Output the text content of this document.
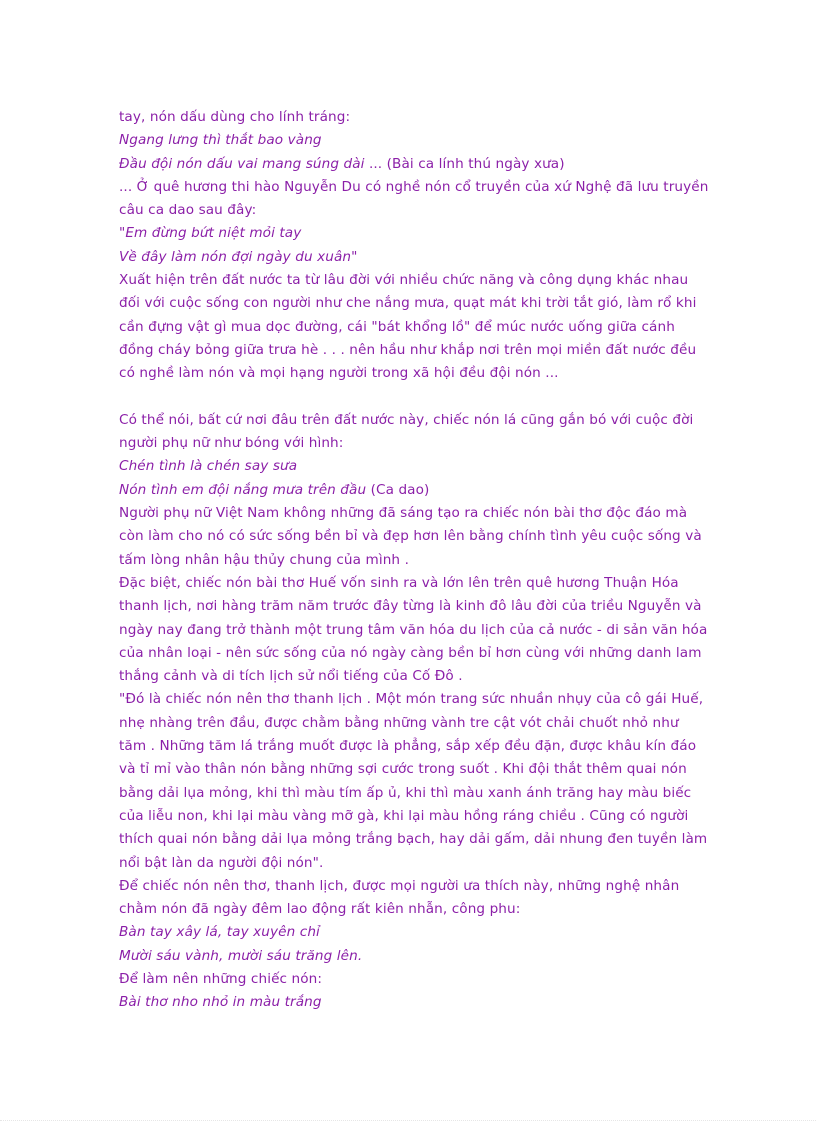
tay, nón dấu dùng cho lính tráng:
Ngang lưng thì thắt bao vàng
Đầu đội nón dấu vai mang súng dài ... (Bài ca lính thú ngày xưa)
... Ở quê hương thi hào Nguyễn Du có nghề nón cổ truyền của xứ Nghệ đã lưu truyền
câu ca dao sau đây:
"Em đừng bứt niệt mỏi tay
Về đây làm nón đợi ngày du xuân"
Xuất hiện trên đất nước ta từ lâu đời với nhiều chức năng và công dụng khác nhau
đối với cuộc sống con người như che nắng mưa, quạt mát khi trời tắt gió, làm rổ khi
cần đựng vật gì mua dọc đường, cái "bát khổng lồ" để múc nước uống giữa cánh
đồng cháy bỏng giữa trưa hè . . . nên hầu như khắp nơi trên mọi miền đất nước đều
có nghề làm nón và mọi hạng người trong xã hội đều đội nón ...
Có thể nói, bất cứ nơi đâu trên đất nước này, chiếc nón lá cũng gắn bó với cuộc đời
người phụ nữ như bóng với hình:
Chén tình là chén say sưa
Nón tình em đội nắng mưa trên đầu (Ca dao)
Người phụ nữ Việt Nam không những đã sáng tạo ra chiếc nón bài thơ độc đáo mà
còn làm cho nó có sức sống bền bỉ và đẹp hơn lên bằng chính tình yêu cuộc sống và
tấm lòng nhân hậu thủy chung của mình .
Đặc biệt, chiếc nón bài thơ Huế vốn sinh ra và lớn lên trên quê hương Thuận Hóa
thanh lịch, nơi hàng trăm năm trước đây từng là kinh đô lâu đời của triều Nguyễn và
ngày nay đang trở thành một trung tâm văn hóa du lịch của cả nước - di sản văn hóa
của nhân loại - nên sức sống của nó ngày càng bền bỉ hơn cùng với những danh lam
thắng cảnh và di tích lịch sử nổi tiếng của Cố Đô .
"Đó là chiếc nón nên thơ thanh lịch . Một món trang sức nhuần nhụy của cô gái Huế,
nhẹ nhàng trên đầu, được chằm bằng những vành tre cật vót chải chuốt nhỏ như
tăm . Những tăm lá trắng muốt được là phẳng, sắp xếp đều đặn, được khâu kín đáo
và tỉ mỉ vào thân nón bằng những sợi cước trong suốt . Khi đội thắt thêm quai nón
bằng dải lụa mỏng, khi thì màu tím ấp ủ, khi thì màu xanh ánh trăng hay màu biếc
của liễu non, khi lại màu vàng mỡ gà, khi lại màu hồng ráng chiều . Cũng có người
thích quai nón bằng dải lụa mỏng trắng bạch, hay dải gấm, dải nhung đen tuyền làm
nổi bật làn da người đội nón".
Để chiếc nón nên thơ, thanh lịch, được mọi người ưa thích này, những nghệ nhân
chằm nón đã ngày đêm lao động rất kiên nhẫn, công phu:
Bàn tay xây lá, tay xuyên chỉ
Mười sáu vành, mười sáu trăng lên.
Để làm nên những chiếc nón:
Bài thơ nho nhỏ in màu trắng
